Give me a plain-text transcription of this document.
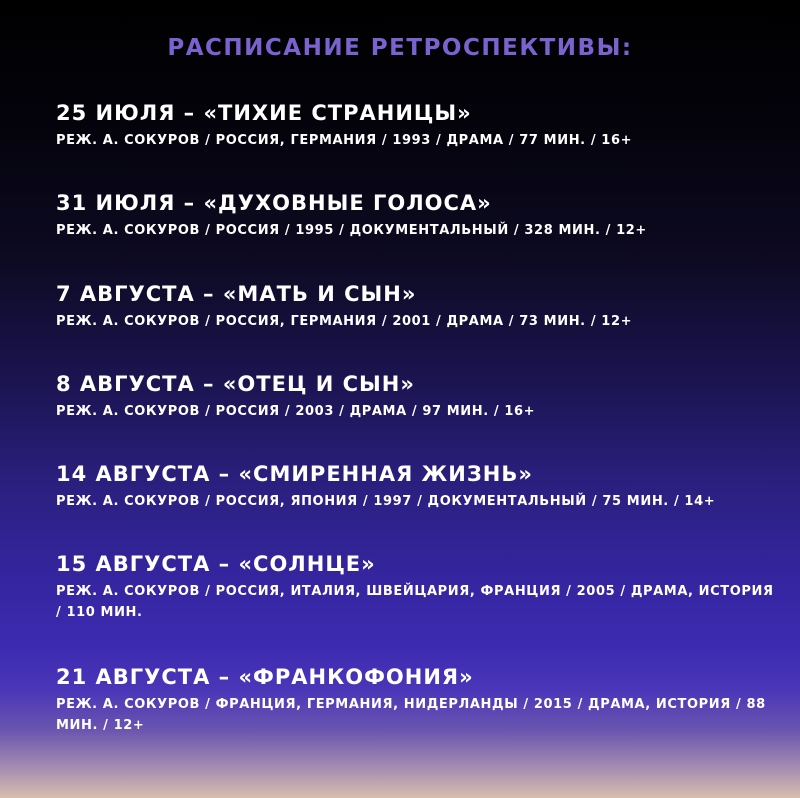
РАСПИСАНИЕ РЕТРОСПЕКТИВЫ:

25 ИЮЛЯ – «ТИХИЕ СТРАНИЦЫ»

РЕЖ. А. СОКУРОВ / РОССИЯ, ГЕРМАНИЯ / 1993 / ДРАМА / 77 МИН. / 16+

31 ИЮЛЯ – «ДУХОВНЫЕ ГОЛОСА»

РЕЖ. А. СОКУРОВ / РОССИЯ / 1995 / ДОКУМЕНТАЛЬНЫЙ / 328 МИН. / 12+

7 АВГУСТА – «МАТЬ И СЫН»

РЕЖ. А. СОКУРОВ / РОССИЯ, ГЕРМАНИЯ / 2001 / ДРАМА / 73 МИН. / 12+

8 АВГУСТА – «ОТЕЦ И СЫН»

РЕЖ. А. СОКУРОВ / РОССИЯ / 2003 / ДРАМА / 97 МИН. / 16+

14 АВГУСТА – «СМИРЕННАЯ ЖИЗНЬ»

РЕЖ. А. СОКУРОВ / РОССИЯ, ЯПОНИЯ / 1997 / ДОКУМЕНТАЛЬНЫЙ / 75 МИН. / 14+

15 АВГУСТА – «СОЛНЦЕ»

РЕЖ. А. СОКУРОВ / РОССИЯ, ИТАЛИЯ, ШВЕЙЦАРИЯ, ФРАНЦИЯ / 2005 / ДРАМА, ИСТОРИЯ / 110 МИН.

21 АВГУСТА – «ФРАНКОФОНИЯ»

РЕЖ. А. СОКУРОВ / ФРАНЦИЯ, ГЕРМАНИЯ, НИДЕРЛАНДЫ / 2015 / ДРАМА, ИСТОРИЯ / 88 МИН. / 12+
